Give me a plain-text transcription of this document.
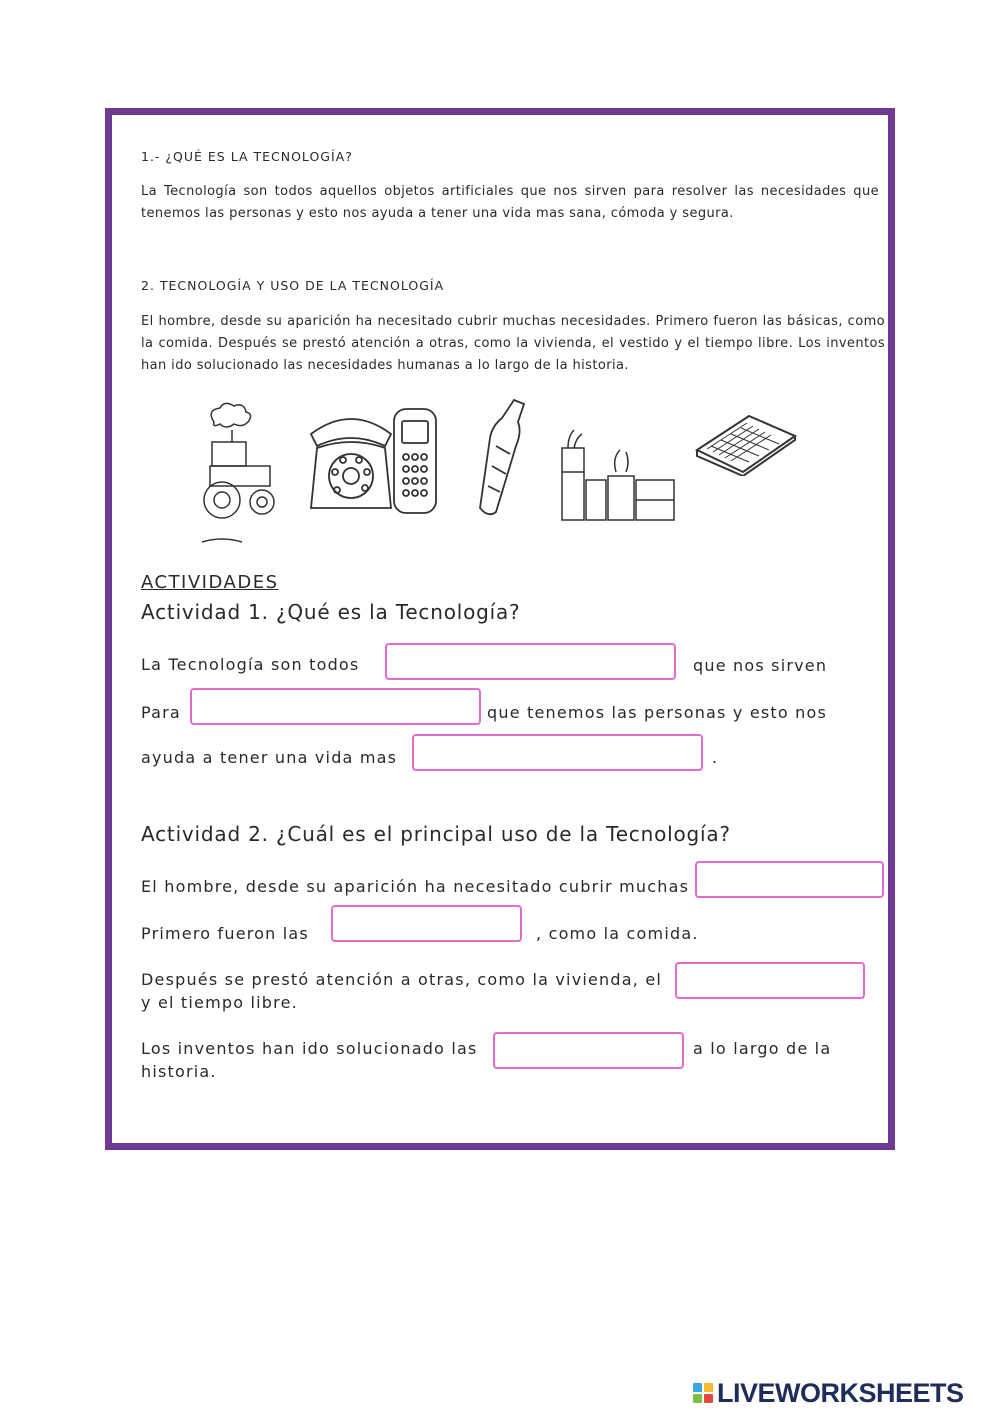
1.- ¿QUÉ ES LA TECNOLOGÍA?
La Tecnología son todos aquellos objetos artificiales que nos sirven para resolver las necesidades que tenemos las personas y esto nos ayuda a tener una vida mas sana, cómoda y segura.
2. TECNOLOGÍA Y USO DE LA TECNOLOGÍA
El hombre, desde su aparición ha necesitado cubrir muchas necesidades. Primero fueron las básicas, como la comida. Después se prestó atención a otras, como la vivienda, el vestido y el tiempo libre. Los inventos han ido solucionado las necesidades humanas a lo largo de la historia.
ACTIVIDADES
Actividad 1. ¿Qué es la Tecnología?
La Tecnología son todos	que nos sirven
Para	que tenemos las personas y esto nos
ayuda a tener una vida mas	.
Actividad 2. ¿Cuál es el principal uso de la Tecnología?
El hombre, desde su aparición ha necesitado cubrir muchas
Primero fueron las	, como la comida.
Después se prestó atención a otras, como la vivienda, el
y el tiempo libre.
Los inventos han ido solucionado las	a lo largo de la
historia.
LIVEWORKSHEETS
